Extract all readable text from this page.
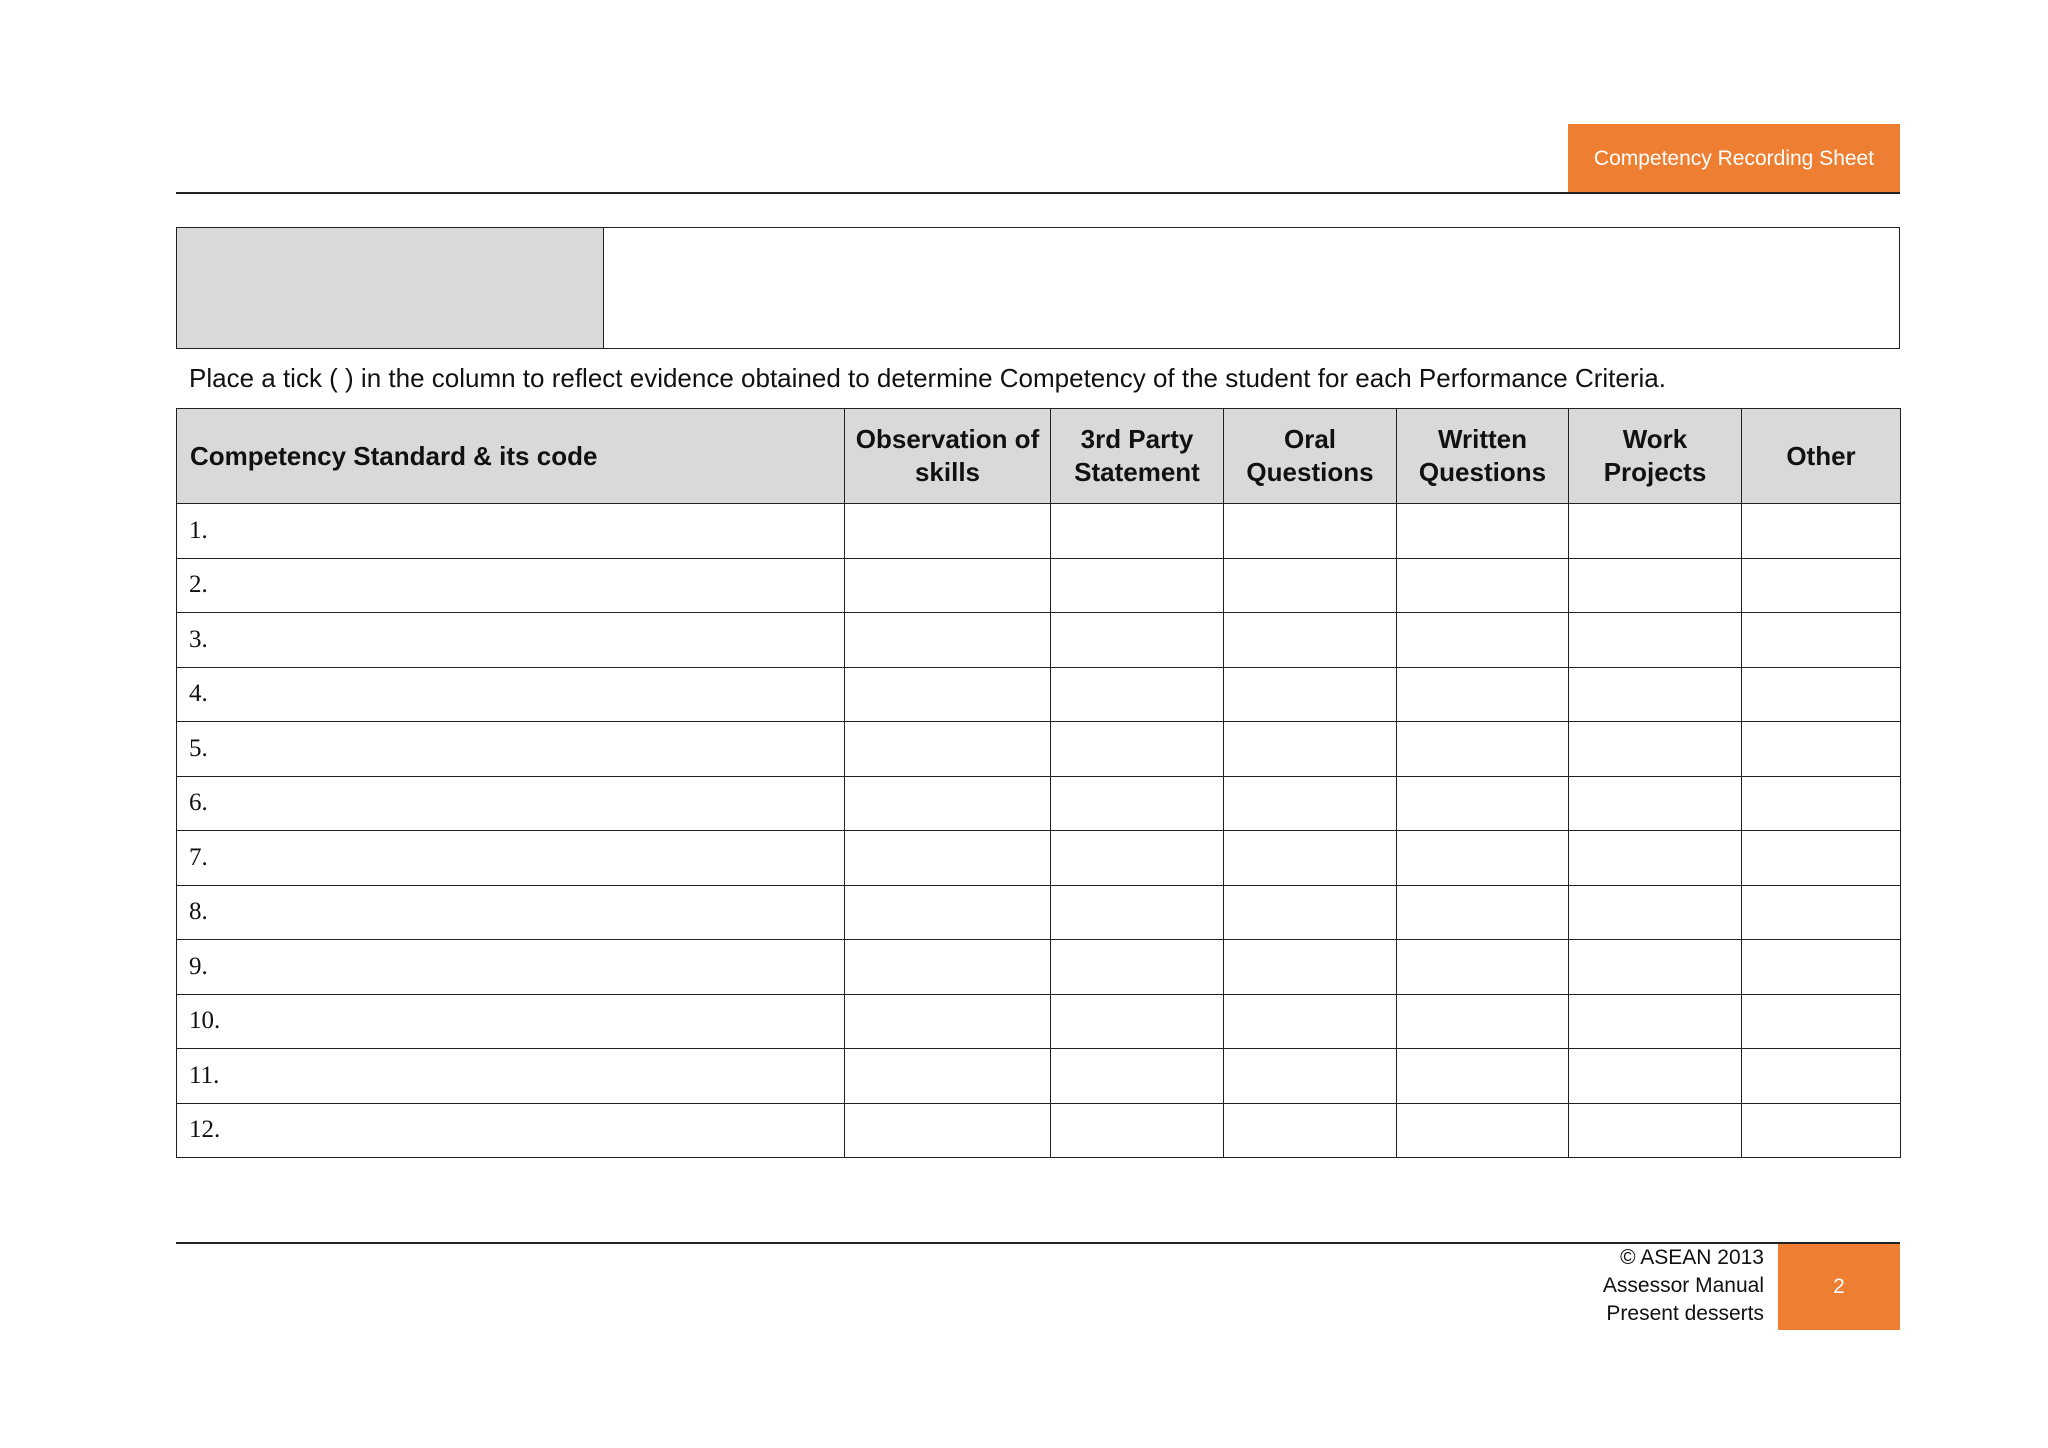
Competency Recording Sheet
Place a tick ( ) in the column to reflect evidence obtained to determine Competency of the student for each Performance Criteria.
Competency Standard & its code	Observation of skills	3rd Party Statement	Oral Questions	Written Questions	Work Projects	Other
1.						
2.						
3.						
4.						
5.						
6.						
7.						
8.						
9.						
10.						
11.						
12.						
© ASEAN 2013
Assessor Manual
Present desserts
2
